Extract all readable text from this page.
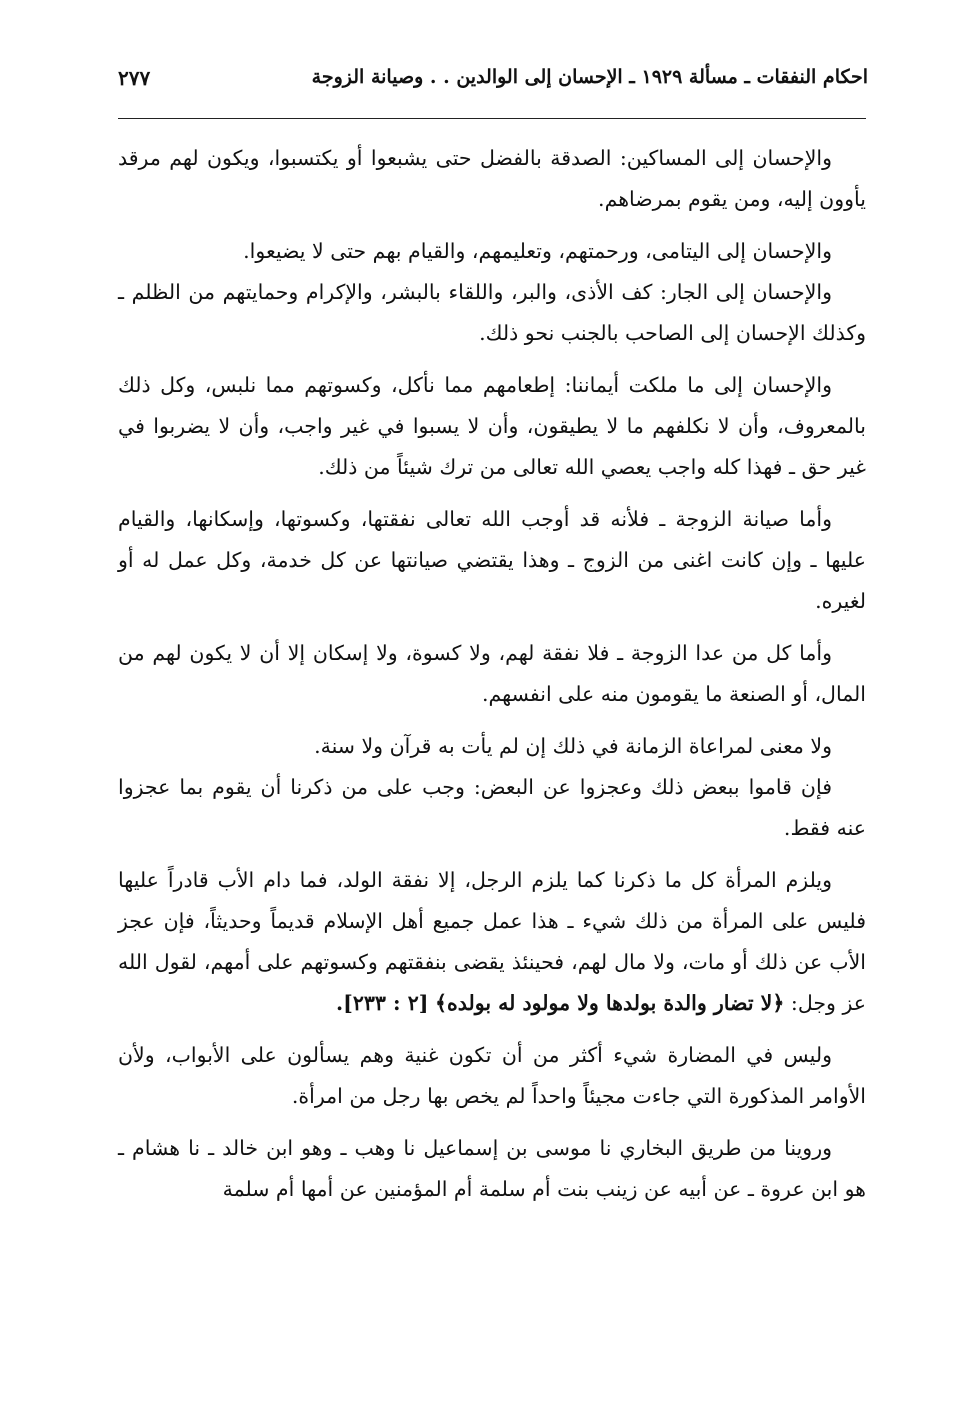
احكام النفقات ـ مسألة ١٩٢٩ ـ الإحسان إلى الوالدين . . وصيانة الزوجة
٢٧٧

والإحسان إلى المساكين: الصدقة بالفضل حتى يشبعوا أو يكتسبوا، ويكون لهم مرقد يأوون إليه، ومن يقوم بمرضاهم.

والإحسان إلى اليتامى، ورحمتهم، وتعليمهم، والقيام بهم حتى لا يضيعوا.

والإحسان إلى الجار: كف الأذى، والبر، واللقاء بالبشر، والإكرام وحمايتهم من الظلم ـ وكذلك الإحسان إلى الصاحب بالجنب نحو ذلك.

والإحسان إلى ما ملكت أيماننا: إطعامهم مما نأكل، وكسوتهم مما نلبس، وكل ذلك بالمعروف، وأن لا نكلفهم ما لا يطيقون، وأن لا يسبوا في غير واجب، وأن لا يضربوا في غير حق ـ فهذا كله واجب يعصي الله تعالى من ترك شيئاً من ذلك.

وأما صيانة الزوجة ـ فلأنه قد أوجب الله تعالى نفقتها، وكسوتها، وإسكانها، والقيام عليها ـ وإن كانت اغنى من الزوج ـ وهذا يقتضي صيانتها عن كل خدمة، وكل عمل له أو لغيره.

وأما كل من عدا الزوجة ـ فلا نفقة لهم، ولا كسوة، ولا إسكان إلا أن لا يكون لهم من المال، أو الصنعة ما يقومون منه على انفسهم.

ولا معنى لمراعاة الزمانة في ذلك إن لم يأت به قرآن ولا سنة.

فإن قاموا ببعض ذلك وعجزوا عن البعض: وجب على من ذكرنا أن يقوم بما عجزوا عنه فقط.

ويلزم المرأة كل ما ذكرنا كما يلزم الرجل، إلا نفقة الولد، فما دام الأب قادراً عليها فليس على المرأة من ذلك شيء ـ هذا عمل جميع أهل الإسلام قديماً وحديثاً، فإن عجز الأب عن ذلك أو مات، ولا مال لهم، فحينئذ يقضى بنفقتهم وكسوتهم على أمهم، لقول الله عز وجل: ﴿لا تضار والدة بولدها ولا مولود له بولده﴾ [٢ : ٢٣٣].

وليس في المضارة شيء أكثر من أن تكون غنية وهم يسألون على الأبواب، ولأن الأوامر المذكورة التي جاءت مجيئاً واحداً لم يخص بها رجل من امرأة.

وروينا من طريق البخاري نا موسى بن إسماعيل نا وهب ـ وهو ابن خالد ـ نا هشام ـ هو ابن عروة ـ عن أبيه عن زينب بنت أم سلمة أم المؤمنين عن أمها أم سلمة
